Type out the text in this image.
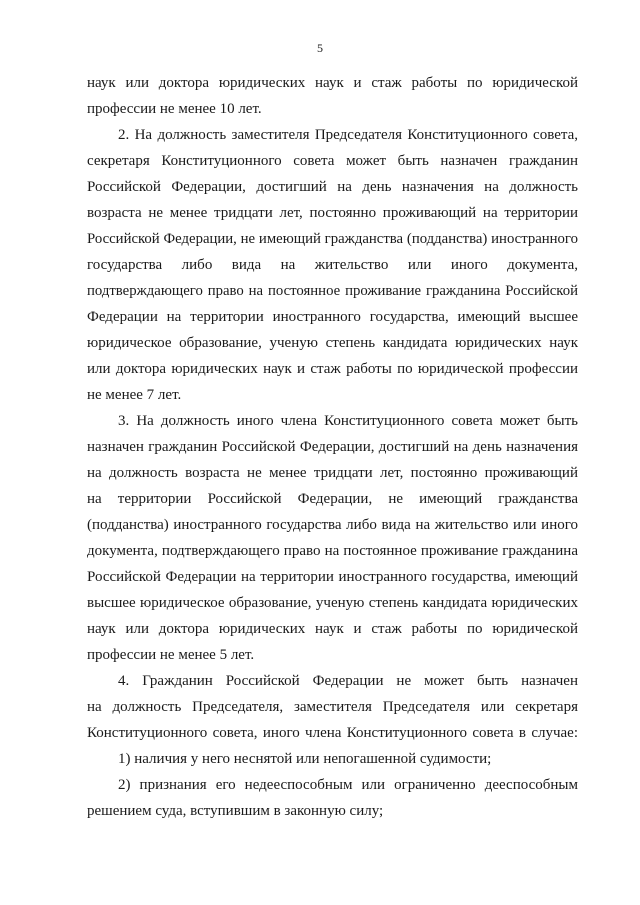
5
наук или доктора юридических наук и стаж работы по юридической
профессии не менее 10 лет.
2. На должность заместителя Председателя Конституционного совета,
секретаря Конституционного совета может быть назначен гражданин
Российской Федерации, достигший на день назначения на должность
возраста не менее тридцати лет, постоянно проживающий на территории
Российской Федерации, не имеющий гражданства (подданства) иностранного
государства либо вида на жительство или иного документа,
подтверждающего право на постоянное проживание гражданина Российской
Федерации на территории иностранного государства, имеющий высшее
юридическое образование, ученую степень кандидата юридических наук
или доктора юридических наук и стаж работы по юридической профессии
не менее 7 лет.
3. На должность иного члена Конституционного совета может быть
назначен гражданин Российской Федерации, достигший на день назначения
на должность возраста не менее тридцати лет, постоянно проживающий
на территории Российской Федерации, не имеющий гражданства
(подданства) иностранного государства либо вида на жительство или иного
документа, подтверждающего право на постоянное проживание гражданина
Российской Федерации на территории иностранного государства, имеющий
высшее юридическое образование, ученую степень кандидата юридических
наук или доктора юридических наук и стаж работы по юридической
профессии не менее 5 лет.
4. Гражданин Российской Федерации не может быть назначен
на должность Председателя, заместителя Председателя или секретаря
Конституционного совета, иного члена Конституционного совета в случае:
1) наличия у него неснятой или непогашенной судимости;
2) признания его недееспособным или ограниченно дееспособным
решением суда, вступившим в законную силу;
